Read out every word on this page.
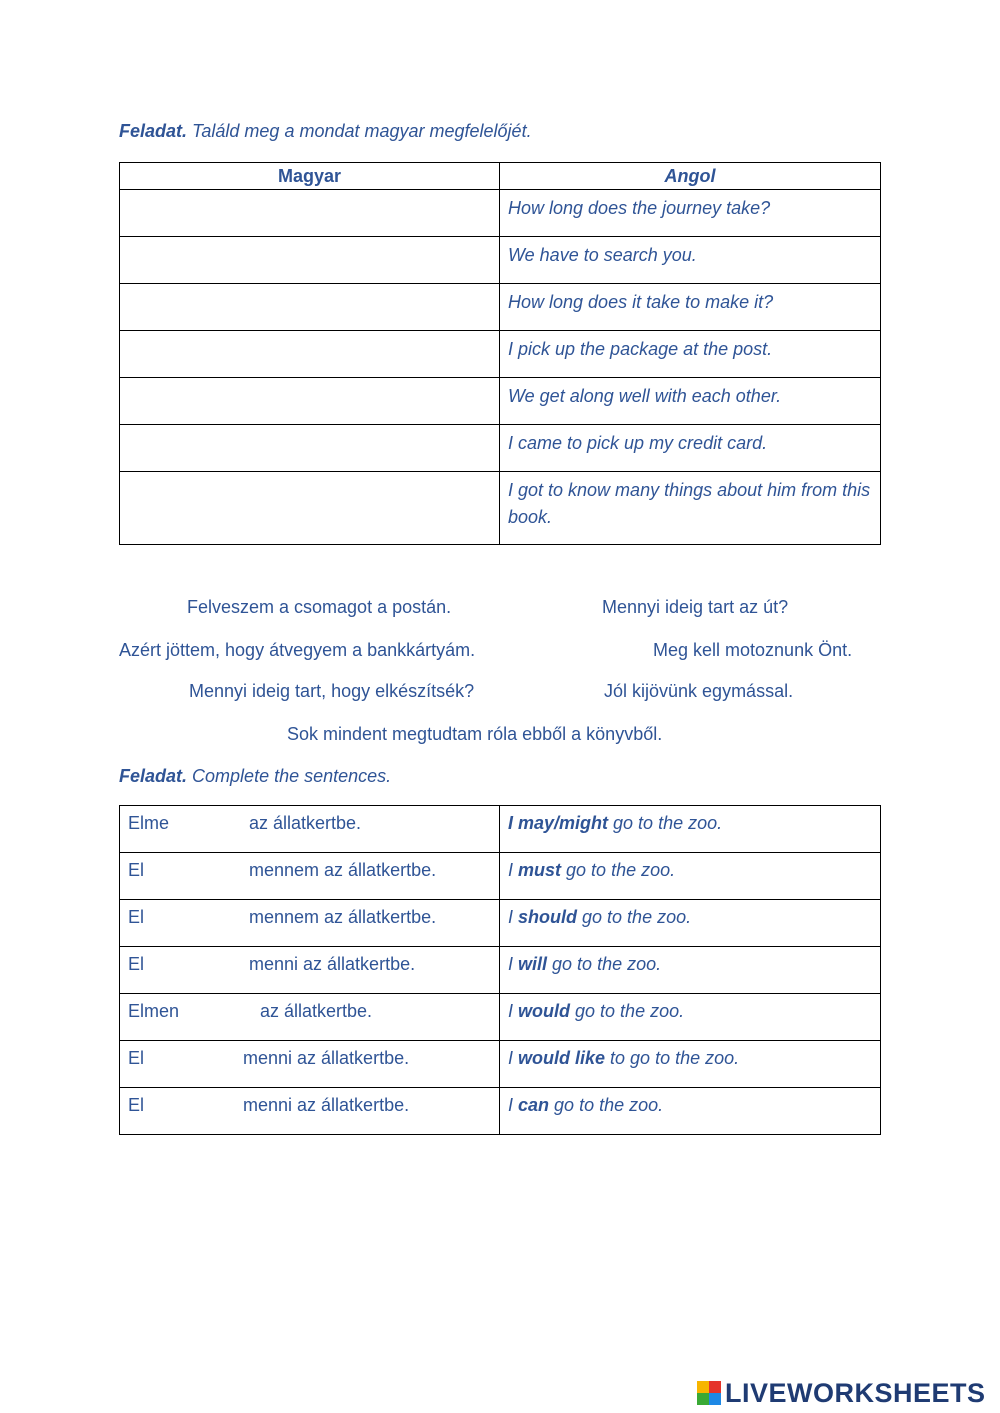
Feladat. Találd meg a mondat magyar megfelelőjét.
Magyar	Angol
	How long does the journey take?
	We have to search you.
	How long does it take to make it?
	I pick up the package at the post.
	We get along well with each other.
	I came to pick up my credit card.
	I got to know many things about him from this book.
Felveszem a csomagot a postán.	Mennyi ideig tart az út?
Azért jöttem, hogy átvegyem a bankkártyám.	Meg kell motoznunk Önt.
Mennyi ideig tart, hogy elkészítsék?	Jól kijövünk egymással.
Sok mindent megtudtam róla ebből a könyvből.
Feladat. Complete the sentences.
Elme az állatkertbe.	I may/might go to the zoo.
El mennem az állatkertbe.	I must go to the zoo.
El mennem az állatkertbe.	I should go to the zoo.
El menni az állatkertbe.	I will go to the zoo.
Elmen az állatkertbe.	I would go to the zoo.
El menni az állatkertbe.	I would like to go to the zoo.
El menni az állatkertbe.	I can go to the zoo.
LIVEWORKSHEETS
